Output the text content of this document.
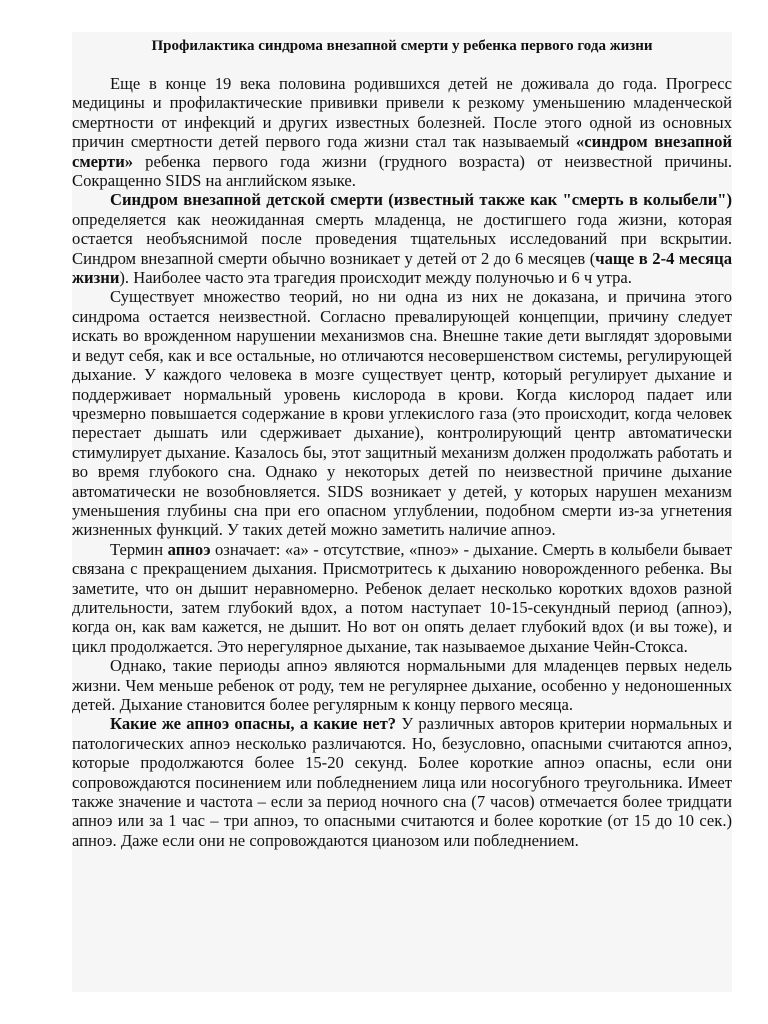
Профилактика синдрома внезапной смерти у ребенка первого года жизни

Еще в конце 19 века половина родившихся детей не доживала до года. Прогресс медицины и профилактические прививки привели к резкому уменьшению младенческой смертности от инфекций и других известных болезней. После этого одной из основных причин смертности детей первого года жизни стал так называемый «синдром внезапной смерти» ребенка первого года жизни (грудного возраста) от неизвестной причины. Сокращенно SIDS на английском языке.

Синдром внезапной детской смерти (известный также как "смерть в колыбели") определяется как неожиданная смерть младенца, не достигшего года жизни, которая остается необъяснимой после проведения тщательных исследований при вскрытии. Синдром внезапной смерти обычно возникает у детей от 2 до 6 месяцев (чаще в 2-4 месяца жизни). Наиболее часто эта трагедия происходит между полуночью и 6 ч утра.

Существует множество теорий, но ни одна из них не доказана, и причина этого синдрома остается неизвестной. Согласно превалирующей концепции, причину следует искать во врожденном нарушении механизмов сна. Внешне такие дети выглядят здоровыми и ведут себя, как и все остальные, но отличаются несовершенством системы, регулирующей дыхание. У каждого человека в мозге существует центр, который регулирует дыхание и поддерживает нормальный уровень кислорода в крови. Когда кислород падает или чрезмерно повышается содержание в крови углекислого газа (это происходит, когда человек перестает дышать или сдерживает дыхание), контролирующий центр автоматически стимулирует дыхание. Казалось бы, этот защитный механизм должен продолжать работать и во время глубокого сна. Однако у некоторых детей по неизвестной причине дыхание автоматически не возобновляется. SIDS возникает у детей, у которых нарушен механизм уменьшения глубины сна при его опасном углублении, подобном смерти из-за угнетения жизненных функций. У таких детей можно заметить наличие апноэ.

Термин апноэ означает: «а» - отсутствие, «пноэ» - дыхание. Смерть в колыбели бывает связана с прекращением дыхания. Присмотритесь к дыханию новорожденного ребенка. Вы заметите, что он дышит неравномерно. Ребенок делает несколько коротких вдохов разной длительности, затем глубокий вдох, а потом наступает 10-15-секундный период (апноэ), когда он, как вам кажется, не дышит. Но вот он опять делает глубокий вдох (и вы тоже), и цикл продолжается. Это нерегулярное дыхание, так называемое дыхание Чейн-Стокса.

Однако, такие периоды апноэ являются нормальными для младенцев первых недель жизни. Чем меньше ребенок от роду, тем не регулярнее дыхание, особенно у недоношенных детей. Дыхание становится более регулярным к концу первого месяца.

Какие же апноэ опасны, а какие нет? У различных авторов критерии нормальных и патологических апноэ несколько различаются. Но, безусловно, опасными считаются апноэ, которые продолжаются более 15-20 секунд. Более короткие апноэ опасны, если они сопровождаются посинением или побледнением лица или носогубного треугольника. Имеет также значение и частота – если за период ночного сна (7 часов) отмечается более тридцати апноэ или за 1 час – три апноэ, то опасными считаются и более короткие (от 15 до 10 сек.) апноэ. Даже если они не сопровождаются цианозом или побледнением.
